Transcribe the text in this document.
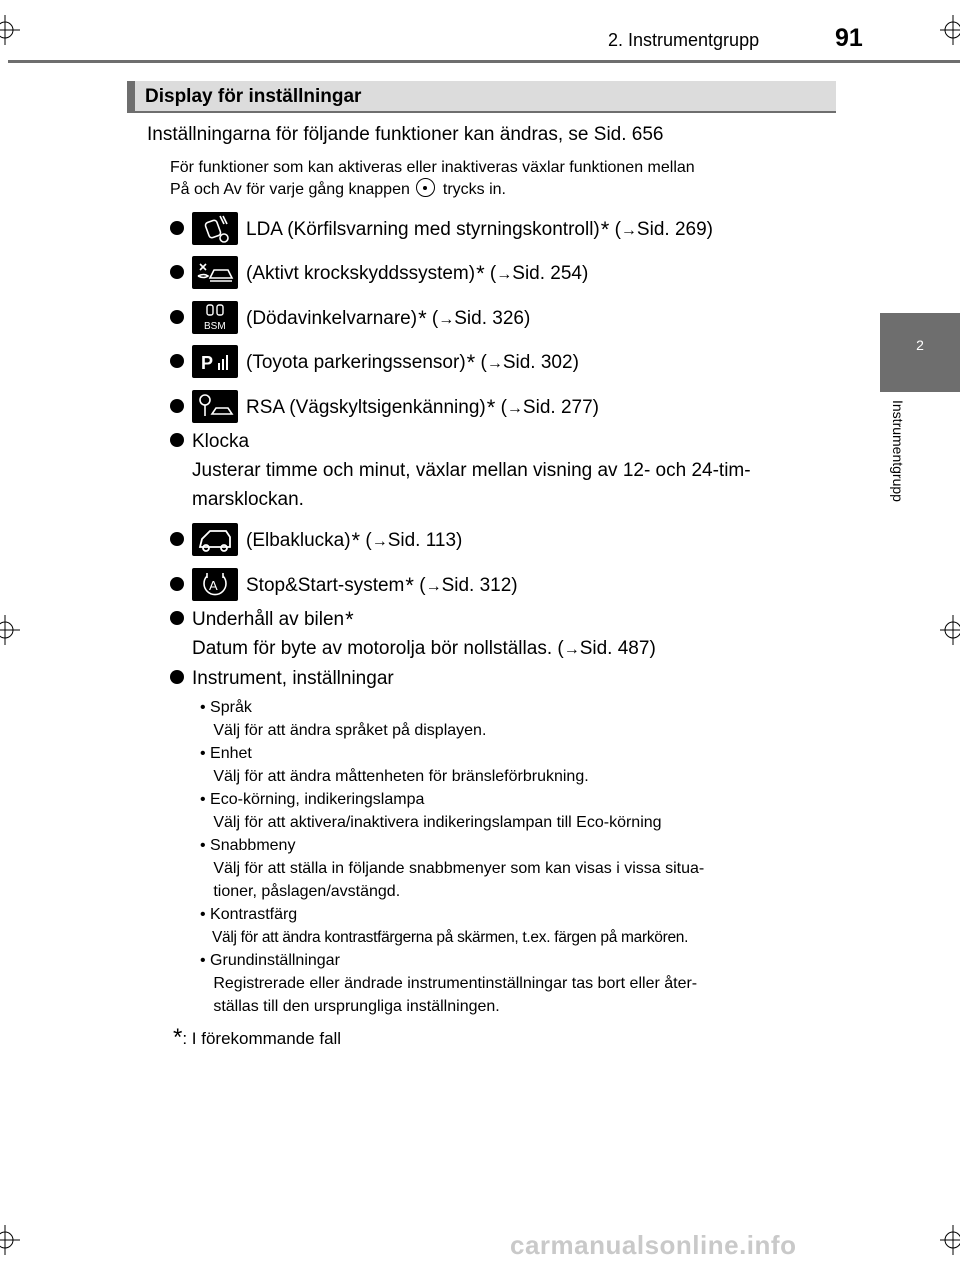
2. Instrumentgrupp	91
2
Instrumentgrupp
Display för inställningar
Inställningarna för följande funktioner kan ändras, se Sid. 656
För funktioner som kan aktiveras eller inaktiveras växlar funktionen mellan
På och Av för varje gång knappen trycks in.
LDA (Körfilsvarning med styrningskontroll)* (→Sid. 269)
(Aktivt krockskyddssystem)* (→Sid. 254)
BSM (Dödavinkelvarnare)* (→Sid. 326)
P (Toyota parkeringssensor)* (→Sid. 302)
RSA (Vägskyltsigenkänning)* (→Sid. 277)
Klocka
Justerar timme och minut, växlar mellan visning av 12- och 24-tim-
marsklockan.
(Elbaklucka)* (→Sid. 113)
A Stop&Start-system* (→Sid. 312)
Underhåll av bilen*
Datum för byte av motorolja bör nollställas. (→Sid. 487)
Instrument, inställningar
• Språk
Välj för att ändra språket på displayen.
• Enhet
Välj för att ändra måttenheten för bränsleförbrukning.
• Eco-körning, indikeringslampa
Välj för att aktivera/inaktivera indikeringslampan till Eco-körning
• Snabbmeny
Välj för att ställa in följande snabbmenyer som kan visas i vissa situa-
tioner, påslagen/avstängd.
• Kontrastfärg
Välj för att ändra kontrastfärgerna på skärmen, t.ex. färgen på markören.
• Grundinställningar
Registrerade eller ändrade instrumentinställningar tas bort eller åter-
ställas till den ursprungliga inställningen.
*: I förekommande fall
carmanualsonline.info
